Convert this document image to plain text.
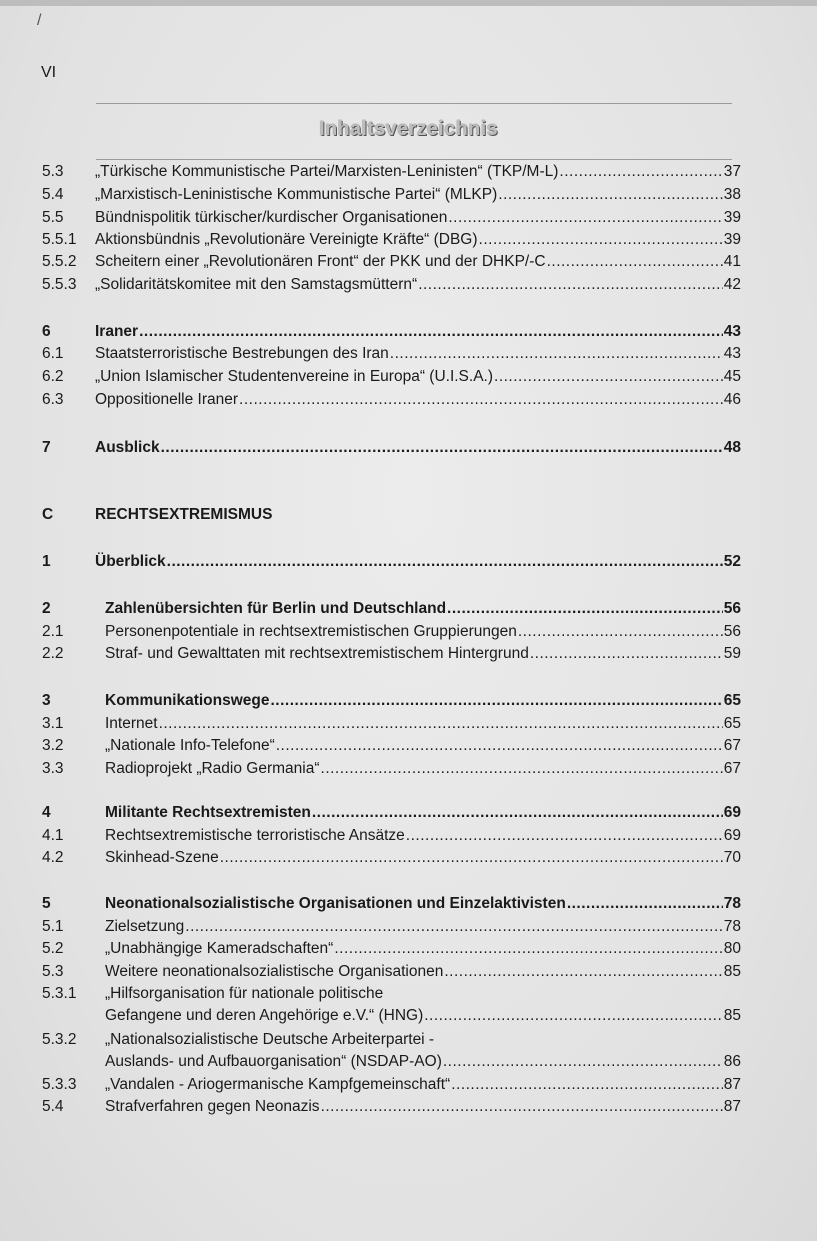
/
VI
Inhaltsverzeichnis
5.3 „Türkische Kommunistische Partei/Marxisten-Leninisten“ (TKP/M-L) .....	37
5.4 „Marxistisch-Leninistische Kommunistische Partei“ (MLKP) .....	38
5.5 Bündnispolitik türkischer/kurdischer Organisationen .....	39
5.5.1 Aktionsbündnis „Revolutionäre Vereinigte Kräfte“ (DBG) .....	39
5.5.2 Scheitern einer „Revolutionären Front“ der PKK und der DHKP/-C .....	41
5.5.3 „Solidaritätskomitee mit den Samstagsmüttern“ .....	42
6	Iraner .....	43
6.1 Staatsterroristische Bestrebungen des Iran .....	43
6.2 „Union Islamischer Studentenvereine in Europa“ (U.I.S.A.) .....	45
6.3 Oppositionelle Iraner .....	46
7	Ausblick .....	48
C	RECHTSEXTREMISMUS
1	Überblick .....	52
2	Zahlenübersichten für Berlin und Deutschland .....	56
2.1	Personenpotentiale in rechtsextremistischen Gruppierungen .....	56
2.2	Straf- und Gewalttaten mit rechtsextremistischem Hintergrund .....	59
3	Kommunikationswege .....	65
3.1	Internet .....	65
3.2	„Nationale Info-Telefone“ .....	67
3.3	Radioprojekt „Radio Germania“ .....	67
4	Militante Rechtsextremisten .....	69
4.1	Rechtsextremistische terroristische Ansätze .....	69
4.2	Skinhead-Szene .....	70
5	Neonationalsozialistische Organisationen und Einzelaktivisten .....	78
5.1	Zielsetzung .....	78
5.2	„Unabhängige Kameradschaften“ .....	80
5.3	Weitere neonationalsozialistische Organisationen .....	85
5.3.1 „Hilfsorganisation für nationale politische
Gefangene und deren Angehörige e.V.“ (HNG) .....	85
5.3.2 „Nationalsozialistische Deutsche Arbeiterpartei -
Auslands- und Aufbauorganisation“ (NSDAP-AO) .....	86
5.3.3 „Vandalen - Ariogermanische Kampfgemeinschaft“ .....	87
5.4	Strafverfahren gegen Neonazis .....	87
